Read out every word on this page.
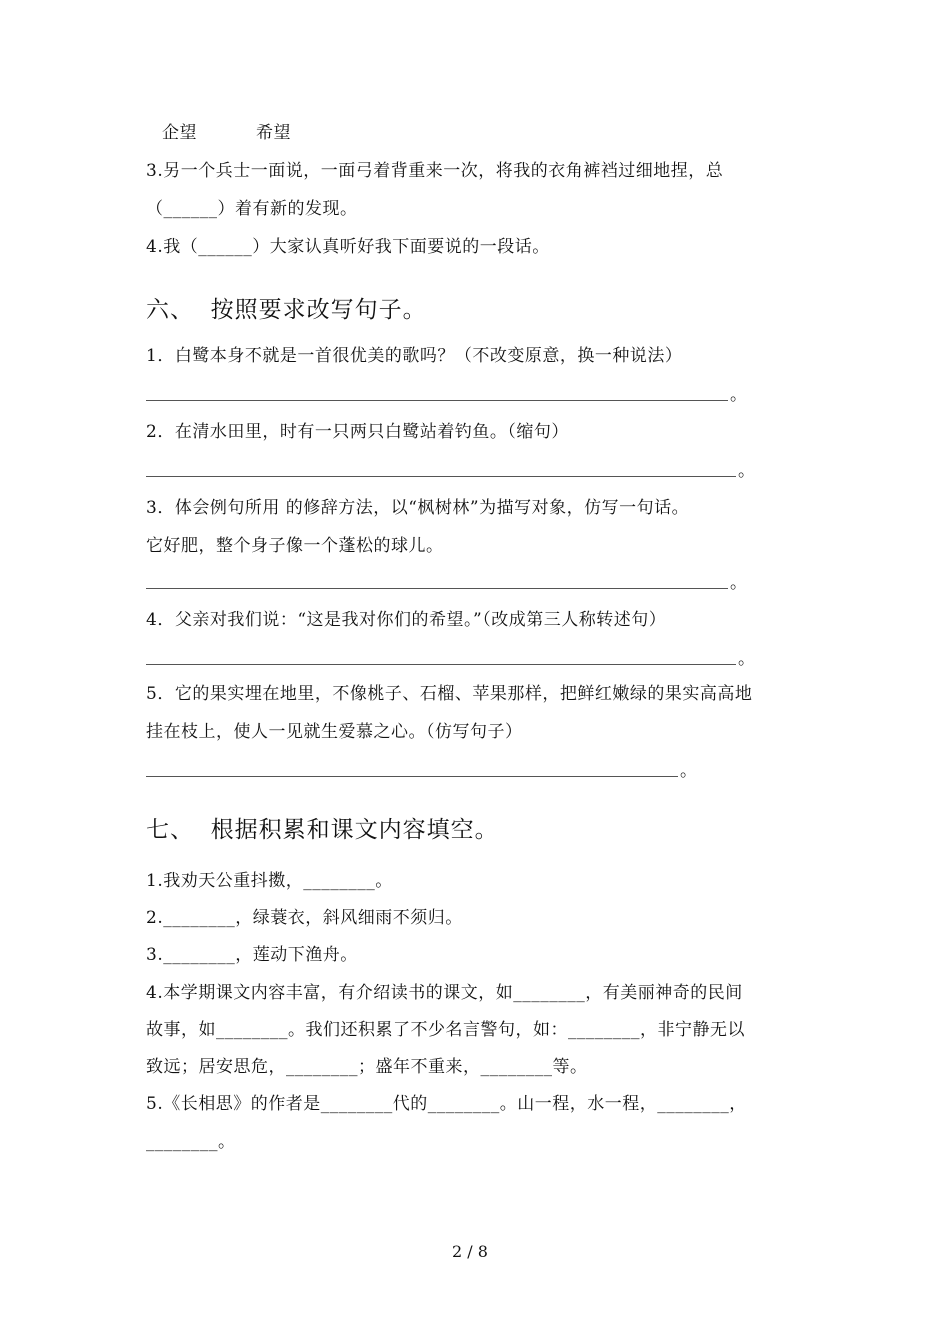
企望          希望
3.另一个兵士一面说，一面弓着背重来一次，将我的衣角裤裆过细地捏，总
（______）着有新的发现。
4.我（______）大家认真听好我下面要说的一段话。
六、  按照要求改写句子。
1．白鹭本身不就是一首很优美的歌吗？（不改变原意，换一种说法）
。
2．在清水田里，时有一只两只白鹭站着钓鱼。（缩句）
。
3．体会例句所用 的修辞方法，以“枫树林”为描写对象，仿写一句话。
它好肥，整个身子像一个蓬松的球儿。
。
4．父亲对我们说：“这是我对你们的希望。”（改成第三人称转述句）
。
5．它的果实埋在地里，不像桃子、石榴、苹果那样，把鲜红嫩绿的果实高高地
挂在枝上，使人一见就生爱慕之心。（仿写句子）
。
七、  根据积累和课文内容填空。
1.我劝天公重抖擞，________。
2.________，绿蓑衣，斜风细雨不须归。
3.________，莲动下渔舟。
4.本学期课文内容丰富，有介绍读书的课文，如________，有美丽神奇的民间
故事，如________。我们还积累了不少名言警句，如：________，非宁静无以
致远；居安思危，________；盛年不重来，________等。
5.《长相思》的作者是________代的________。山一程，水一程，________，
________。
2 / 8
